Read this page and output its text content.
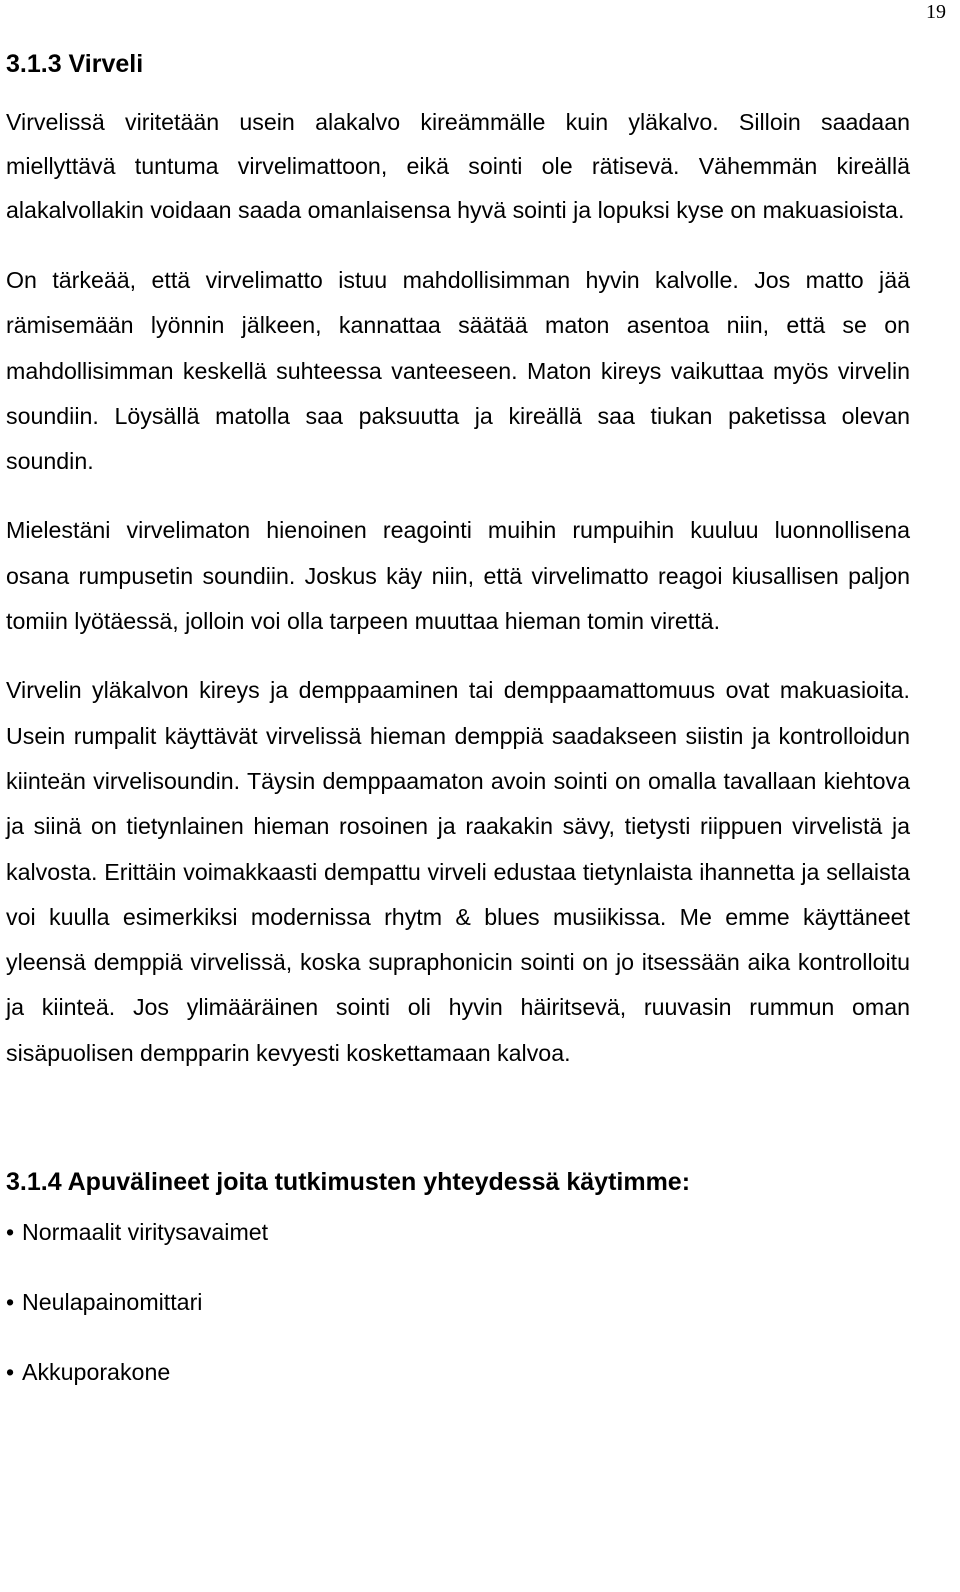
19
3.1.3 Virveli

Virvelissä viritetään usein alakalvo kireämmälle kuin yläkalvo. Silloin saadaan miellyttävä tuntuma virvelimattoon, eikä sointi ole rätisevä. Vähemmän kireällä alakalvollakin voidaan saada omanlaisensa hyvä sointi ja lopuksi kyse on makuasioista.

On tärkeää, että virvelimatto istuu mahdollisimman hyvin kalvolle. Jos matto jää rämisemään lyönnin jälkeen, kannattaa säätää maton asentoa niin, että se on mahdollisimman keskellä suhteessa vanteeseen. Maton kireys vaikuttaa myös virvelin soundiin. Löysällä matolla saa paksuutta ja kireällä saa tiukan paketissa olevan soundin.

Mielestäni virvelimaton hienoinen reagointi muihin rumpuihin kuuluu luonnollisena osana rumpusetin soundiin. Joskus käy niin, että virvelimatto reagoi kiusallisen paljon tomiin lyötäessä, jolloin voi olla tarpeen muuttaa hieman tomin virettä.

Virvelin yläkalvon kireys ja demppaaminen tai demppaamattomuus ovat makuasioita. Usein rumpalit käyttävät virvelissä hieman demppiä saadakseen siistin ja kontrolloidun kiinteän virvelisoundin. Täysin demppaamaton avoin sointi on omalla tavallaan kiehtova ja siinä on tietynlainen hieman rosoinen ja raakakin sävy, tietysti riippuen virvelistä ja kalvosta. Erittäin voimakkaasti dempattu virveli edustaa tietynlaista ihannetta ja sellaista voi kuulla esimerkiksi modernissa rhytm & blues musiikissa. Me emme käyttäneet yleensä demppiä virvelissä, koska supraphonicin sointi on jo itsessään aika kontrolloitu ja kiinteä. Jos ylimääräinen sointi oli hyvin häiritsevä, ruuvasin rummun oman sisäpuolisen dempparin kevyesti koskettamaan kalvoa.

3.1.4 Apuvälineet joita tutkimusten yhteydessä käytimme:
• Normaalit viritysavaimet
• Neulapainomittari
• Akkuporakone
